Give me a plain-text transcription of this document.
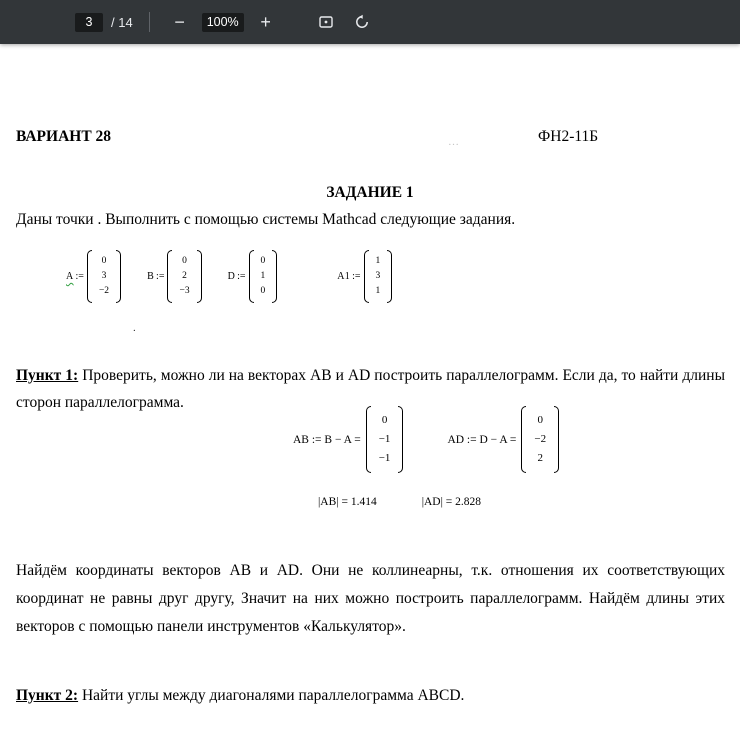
3
/ 14	−	100%	+
ВАРИАНТ 28	…	ФН2-11Б
ЗАДАНИЕ 1
Даны точки . Выполнить с помощью системы Mathcad следующие задания.
A :=
0
3
−2
B :=
0
2
−3
D :=
0
1
0
A1 :=
1
3
1
.

Пункт 1: Проверить, можно ли на векторах AB и AD построить параллелограмм. Если да, то найти длины сторон параллелограмма.

AB := B − A =
0
−1
−1
AD := D − A =
0
−2
2
|AB| = 1.414	|AD| = 2.828

Найдём координаты векторов AB и AD. Они не коллинеарны, т.к. отношения их соответствующих координат не равны друг другу, Значит на них можно построить параллелограмм. Найдём длины этих векторов с помощью панели инструментов «Калькулятор».

Пункт 2: Найти углы между диагоналями параллелограмма ABCD.
